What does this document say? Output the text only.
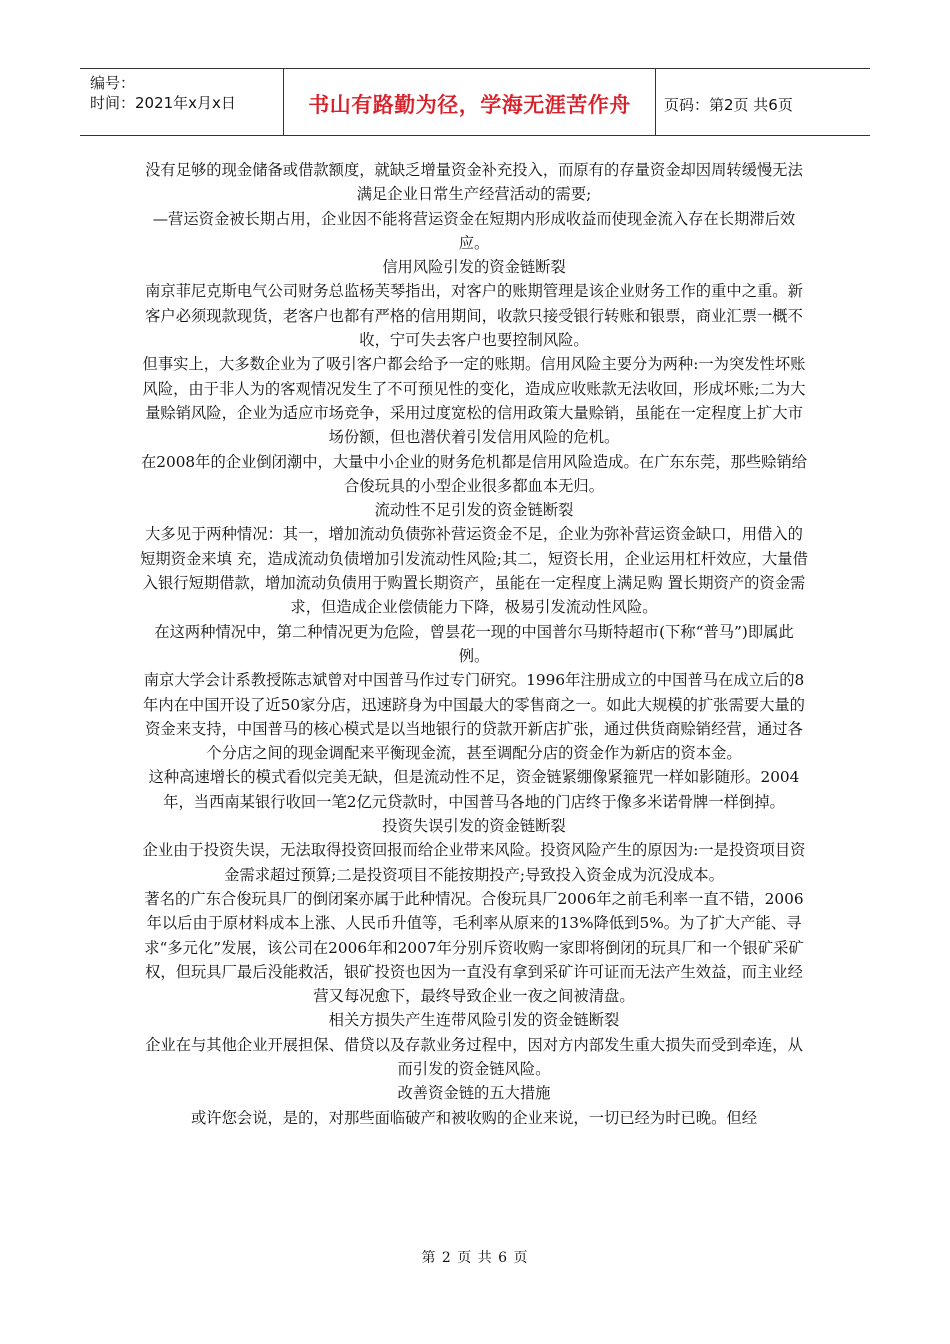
编号：
时间：2021年x月x日	书山有路勤为径，学海无涯苦作舟	页码：第2页 共6页

没有足够的现金储备或借款额度，就缺乏增量资金补充投入，而原有的存量资金却因周转缓慢无法满足企业日常生产经营活动的需要;

—营运资金被长期占用，企业因不能将营运资金在短期内形成收益而使现金流入存在长期滞后效应。

信用风险引发的资金链断裂

南京菲尼克斯电气公司财务总监杨芙琴指出，对客户的账期管理是该企业财务工作的重中之重。新客户必须现款现货，老客户也都有严格的信用期间，收款只接受银行转账和银票，商业汇票一概不收，宁可失去客户也要控制风险。

但事实上，大多数企业为了吸引客户都会给予一定的账期。信用风险主要分为两种:一为突发性坏账风险，由于非人为的客观情况发生了不可预见性的变化，造成应收账款无法收回，形成坏账;二为大量赊销风险，企业为适应市场竞争，采用过度宽松的信用政策大量赊销，虽能在一定程度上扩大市场份额，但也潜伏着引发信用风险的危机。

在2008年的企业倒闭潮中，大量中小企业的财务危机都是信用风险造成。在广东东莞，那些赊销给合俊玩具的小型企业很多都血本无归。

流动性不足引发的资金链断裂

大多见于两种情况：其一，增加流动负债弥补营运资金不足，企业为弥补营运资金缺口，用借入的短期资金来填 充，造成流动负债增加引发流动性风险;其二，短资长用，企业运用杠杆效应，大量借入银行短期借款，增加流动负债用于购置长期资产，虽能在一定程度上满足购 置长期资产的资金需求，但造成企业偿债能力下降，极易引发流动性风险。

在这两种情况中，第二种情况更为危险，曾昙花一现的中国普尔马斯特超市(下称“普马”)即属此例。

南京大学会计系教授陈志斌曾对中国普马作过专门研究。1996年注册成立的中国普马在成立后的8年内在中国开设了近50家分店，迅速跻身为中国最大的零售商之一。如此大规模的扩张需要大量的资金来支持，中国普马的核心模式是以当地银行的贷款开新店扩张，通过供货商赊销经营，通过各个分店之间的现金调配来平衡现金流，甚至调配分店的资金作为新店的资本金。

这种高速增长的模式看似完美无缺，但是流动性不足，资金链紧绷像紧箍咒一样如影随形。2004年，当西南某银行收回一笔2亿元贷款时，中国普马各地的门店终于像多米诺骨牌一样倒掉。

投资失误引发的资金链断裂

企业由于投资失误，无法取得投资回报而给企业带来风险。投资风险产生的原因为:一是投资项目资金需求超过预算;二是投资项目不能按期投产;导致投入资金成为沉没成本。

著名的广东合俊玩具厂的倒闭案亦属于此种情况。合俊玩具厂2006年之前毛利率一直不错，2006年以后由于原材料成本上涨、人民币升值等，毛利率从原来的13%降低到5%。为了扩大产能、寻求“多元化”发展，该公司在2006年和2007年分别斥资收购一家即将倒闭的玩具厂和一个银矿采矿权，但玩具厂最后没能救活，银矿投资也因为一直没有拿到采矿许可证而无法产生效益，而主业经营又每况愈下，最终导致企业一夜之间被清盘。

相关方损失产生连带风险引发的资金链断裂

企业在与其他企业开展担保、借贷以及存款业务过程中，因对方内部发生重大损失而受到牵连，从而引发的资金链风险。

改善资金链的五大措施

或许您会说，是的，对那些面临破产和被收购的企业来说，一切已经为时已晚。但经

第 2 页 共 6 页
